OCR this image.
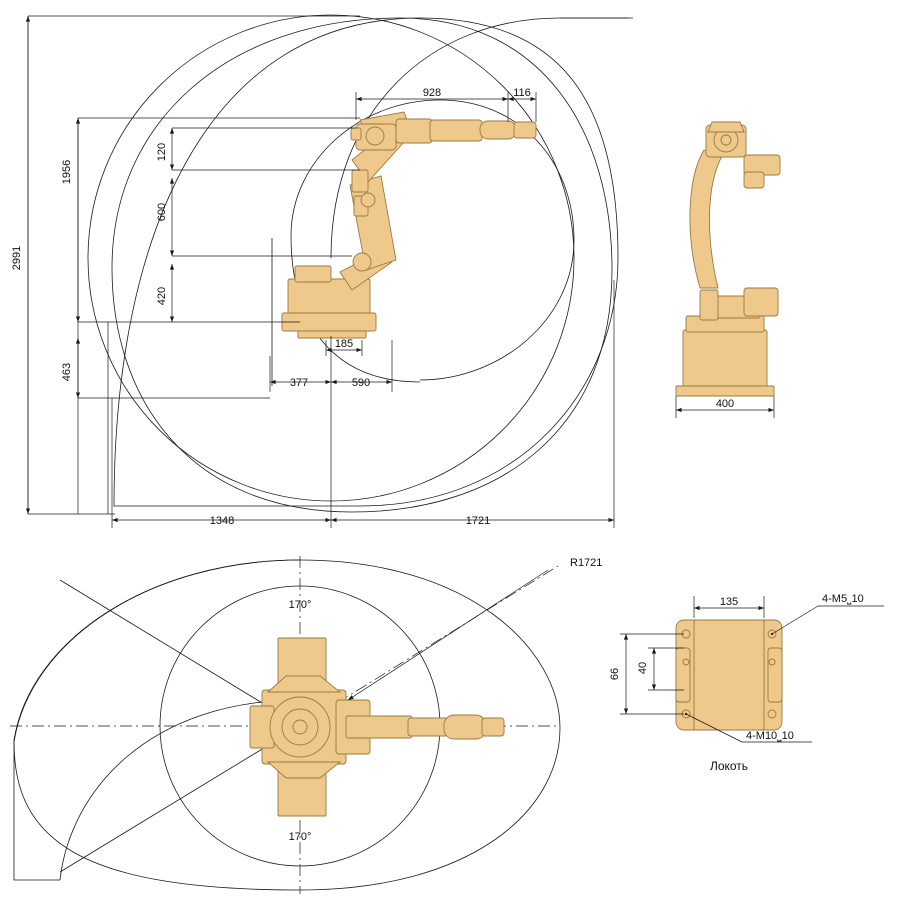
2991
1956
463
120
600
420
928	116
185
377	590
1348	1721
400
R1721
170°
170°
135
66 40
4-M5⎵10
4-M10⎵10
Локоть
